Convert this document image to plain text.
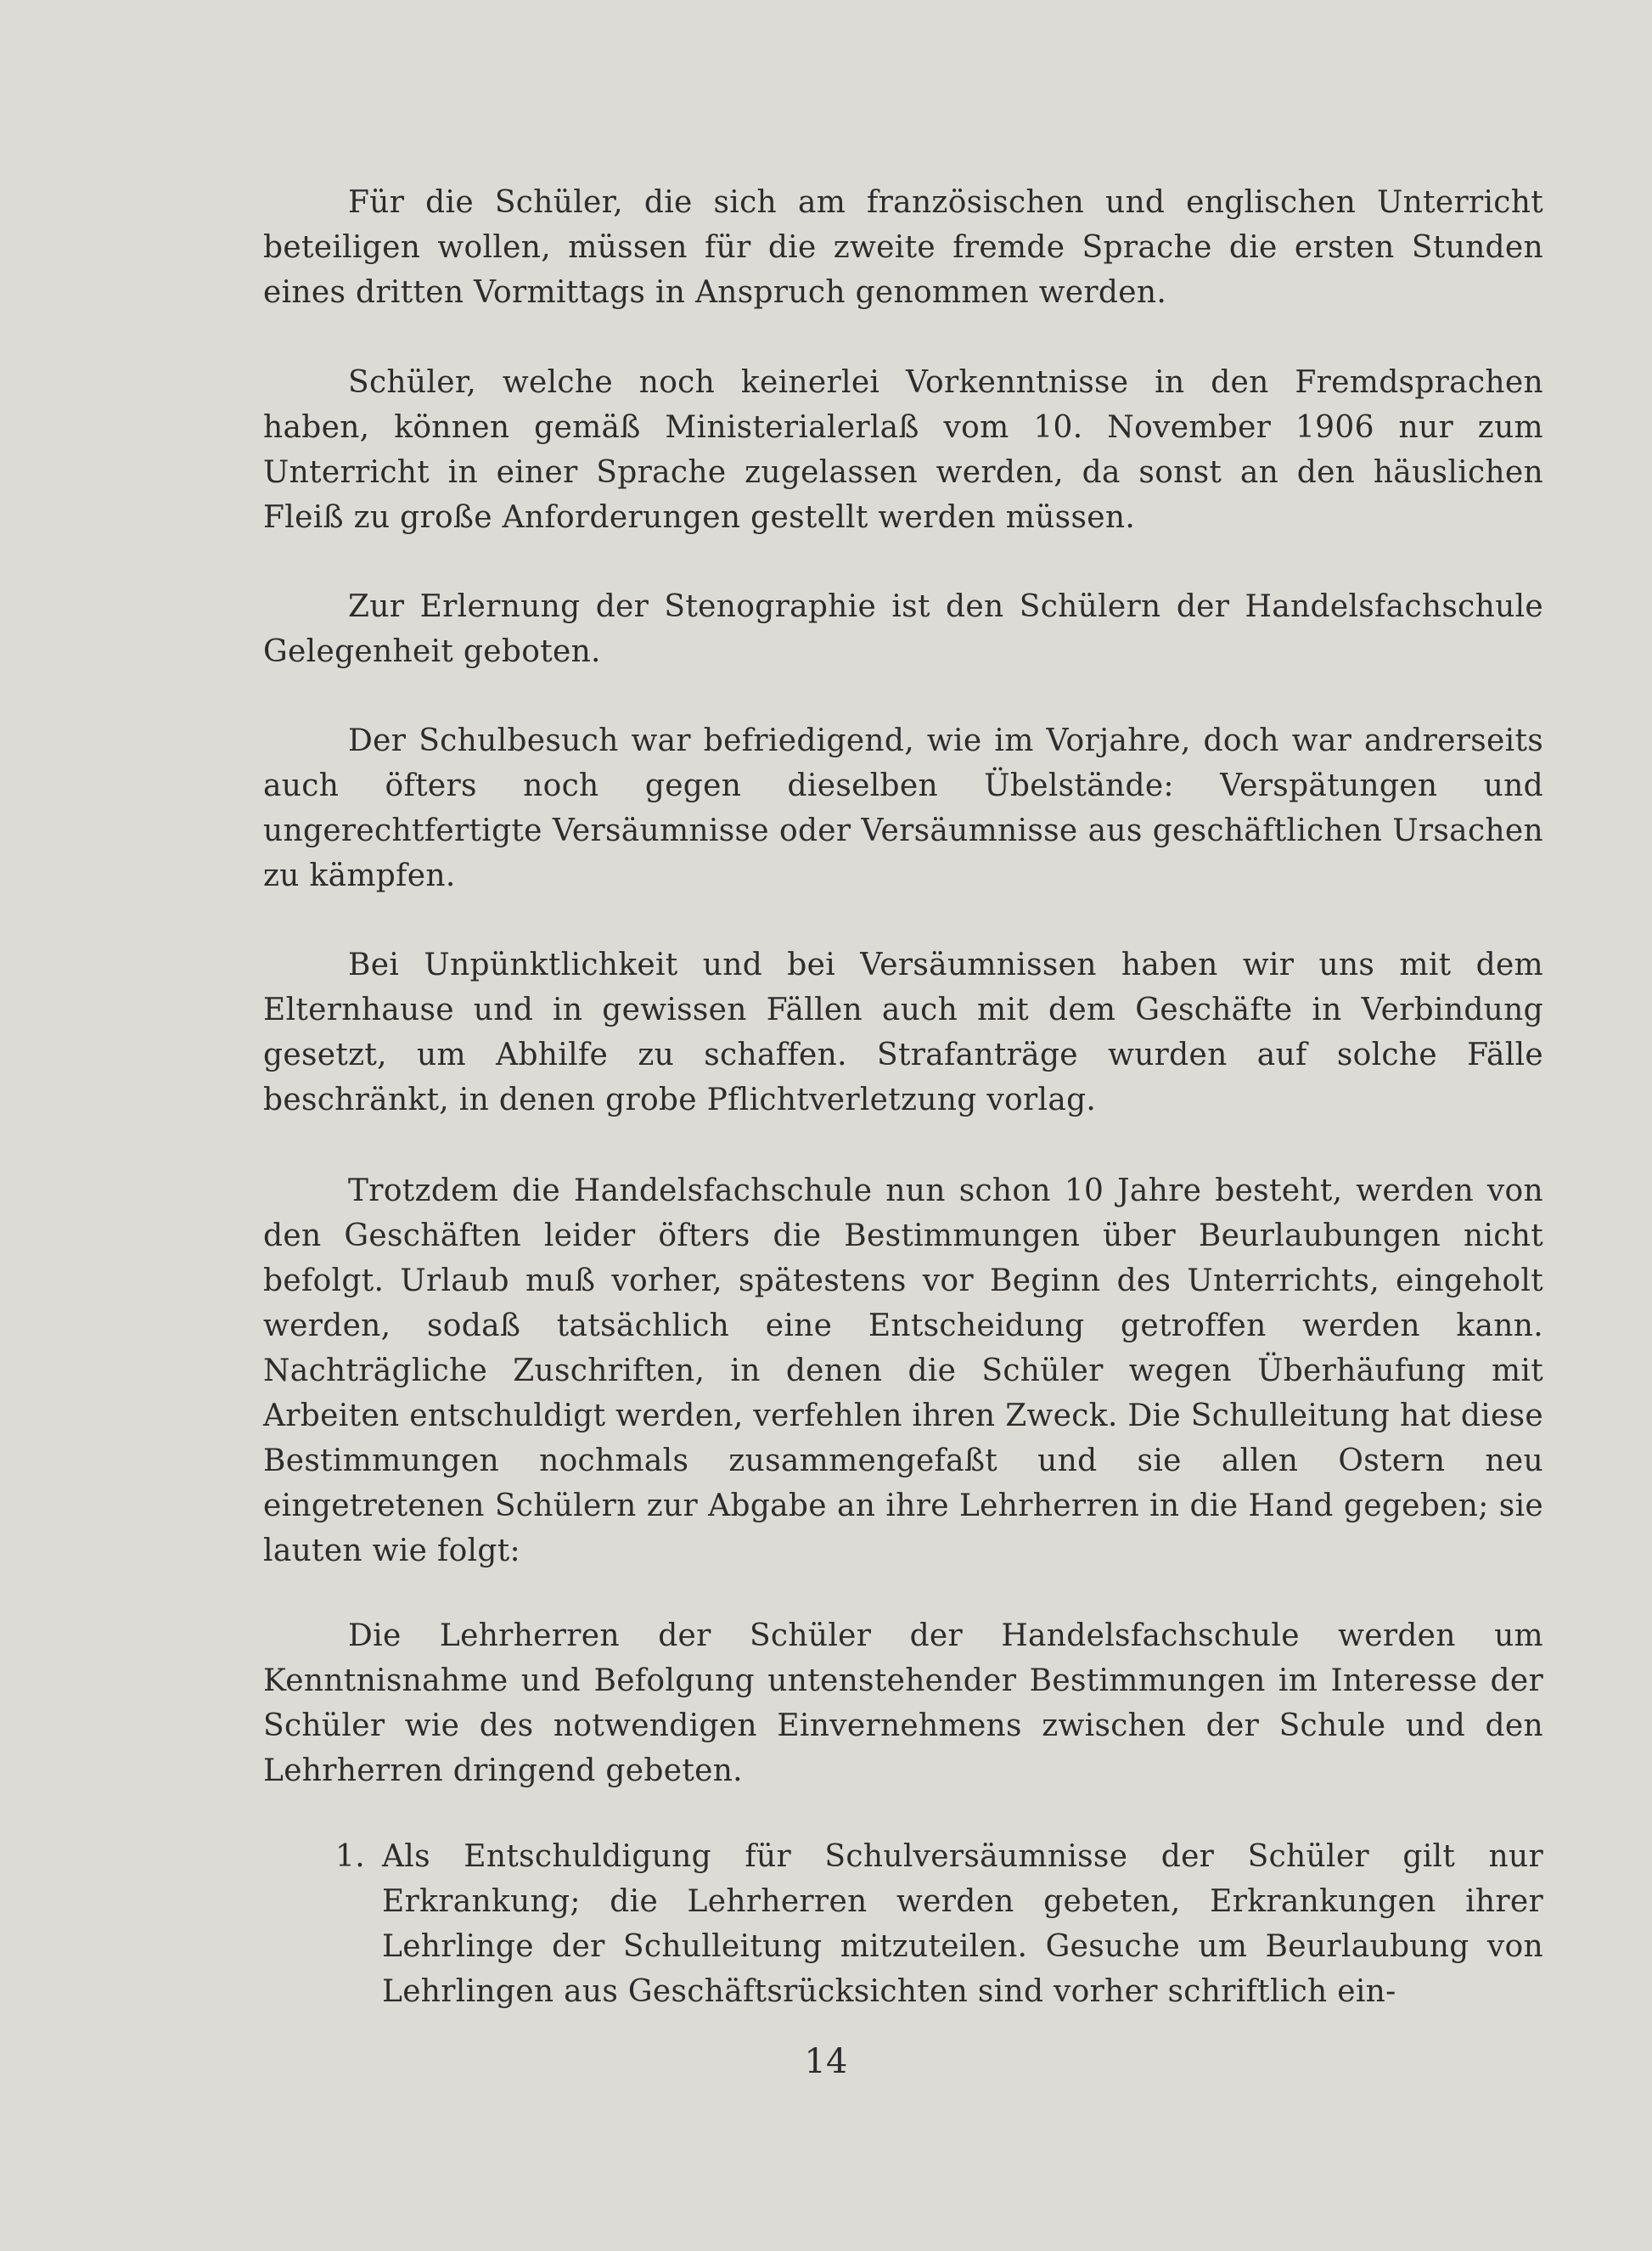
Für die Schüler, die sich am französischen und englischen Unterricht beteiligen wollen, müssen für die zweite fremde Sprache die ersten Stunden eines dritten Vormittags in Anspruch genommen werden.

Schüler, welche noch keinerlei Vorkenntnisse in den Fremdsprachen haben, können gemäß Ministerialerlaß vom 10. November 1906 nur zum Unterricht in einer Sprache zugelassen werden, da sonst an den häuslichen Fleiß zu große Anforderungen gestellt werden müssen.

Zur Erlernung der Stenographie ist den Schülern der Handelsfachschule Gelegenheit geboten.

Der Schulbesuch war befriedigend, wie im Vorjahre, doch war andrerseits auch öfters noch gegen dieselben Übelstände: Verspätungen und ungerechtfertigte Versäumnisse oder Versäumnisse aus geschäftlichen Ursachen zu kämpfen.

Bei Unpünktlichkeit und bei Versäumnissen haben wir uns mit dem Elternhause und in gewissen Fällen auch mit dem Geschäfte in Verbindung gesetzt, um Abhilfe zu schaffen. Strafanträge wurden auf solche Fälle beschränkt, in denen grobe Pflichtverletzung vorlag.

Trotzdem die Handelsfachschule nun schon 10 Jahre besteht, werden von den Geschäften leider öfters die Bestimmungen über Beurlaubungen nicht befolgt. Urlaub muß vorher, spätestens vor Beginn des Unterrichts, eingeholt werden, sodaß tatsächlich eine Entscheidung getroffen werden kann. Nachträgliche Zuschriften, in denen die Schüler wegen Überhäufung mit Arbeiten entschuldigt werden, verfehlen ihren Zweck. Die Schulleitung hat diese Bestimmungen nochmals zusammengefaßt und sie allen Ostern neu eingetretenen Schülern zur Abgabe an ihre Lehrherren in die Hand gegeben; sie lauten wie folgt:

Die Lehrherren der Schüler der Handelsfachschule werden um Kenntnisnahme und Befolgung untenstehender Bestimmungen im Interesse der Schüler wie des notwendigen Einvernehmens zwischen der Schule und den Lehrherren dringend gebeten.

1. Als Entschuldigung für Schulversäumnisse der Schüler gilt nur Erkrankung; die Lehrherren werden gebeten, Erkrankungen ihrer Lehrlinge der Schulleitung mitzuteilen. Gesuche um Beurlaubung von Lehrlingen aus Geschäftsrücksichten sind vorher schriftlich ein-
14
